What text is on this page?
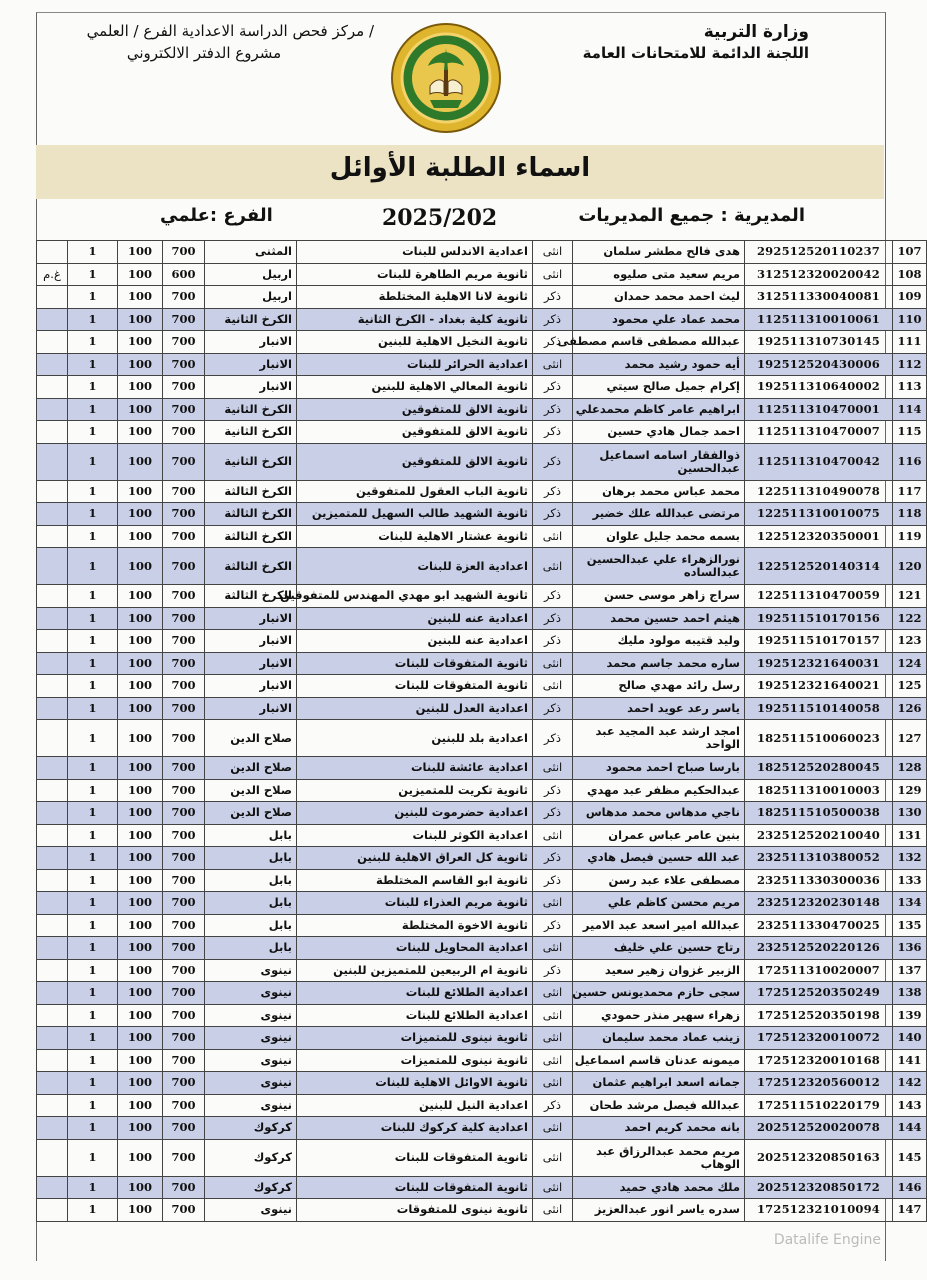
وزارة التربية
اللجنة الدائمة للامتحانات العامة
/ مركز فحص الدراسة الاعدادية الفرع / العلمي
مشروع الدفتر الالكتروني
اسماء الطلبة الأوائل
المديرية : جميع المديريات
2025/202
الفرع :علمي
107	292512520110237	هدى فالح مطشر سلمان	انثى	اعدادية الاندلس للبنات	المثنى	700	100	1	
108	312512320020042	مريم سعيد متى صليوه	انثى	ثانوية مريم الطاهرة للبنات	اربيل	600	100	1	غ.م
109	312511330040081	ليث احمد محمد حمدان	ذكر	ثانوية لانا الاهلية المختلطة	اربيل	700	100	1	
110	112511310010061	محمد عماد علي محمود	ذكر	ثانوية كلية بغداد - الكرخ الثانية	الكرخ الثانية	700	100	1	
111	192511310730145	عبدالله مصطفى قاسم مصطفى	ذكر	ثانوية النخيل الاهلية للبنين	الانبار	700	100	1	
112	192512520430006	أيه حمود رشيد محمد	انثى	اعدادية الحرائر للبنات	الانبار	700	100	1	
113	192511310640002	إكرام جميل صالح سيتي	ذكر	ثانوية المعالي الاهلية للبنين	الانبار	700	100	1	
114	112511310470001	ابراهيم عامر كاظم محمدعلي	ذكر	ثانوية الالق للمتفوقين	الكرخ الثانية	700	100	1	
115	112511310470007	احمد جمال هادي حسين	ذكر	ثانوية الالق للمتفوقين	الكرخ الثانية	700	100	1	
116	112511310470042	ذوالفقار اسامه اسماعيل عبدالحسين	ذكر	ثانوية الالق للمتفوقين	الكرخ الثانية	700	100	1	
117	122511310490078	محمد عباس محمد برهان	ذكر	ثانوية الباب العقول للمتفوقين	الكرخ الثالثة	700	100	1	
118	122511310010075	مرتضى عبدالله علك خضير	ذكر	ثانوية الشهيد طالب السهيل للمتميزين	الكرخ الثالثة	700	100	1	
119	122512320350001	بسمه محمد جليل علوان	انثى	ثانوية عشتار الاهلية للبنات	الكرخ الثالثة	700	100	1	
120	122512520140314	نورالزهراء علي عبدالحسين عبدالساده	انثى	اعدادية العزة للبنات	الكرخ الثالثة	700	100	1	
121	122511310470059	سراج زاهر موسى حسن	ذكر	ثانوية الشهيد ابو مهدي المهندس للمتفوقين	الكرخ الثالثة	700	100	1	
122	192511510170156	هيثم احمد حسين محمد	ذكر	اعدادية عنه للبنين	الانبار	700	100	1	
123	192511510170157	وليد قتيبه مولود مليك	ذكر	اعدادية عنه للبنين	الانبار	700	100	1	
124	192512321640031	ساره محمد جاسم محمد	انثى	ثانوية المتفوقات للبنات	الانبار	700	100	1	
125	192512321640021	رسل رائد مهدي صالح	انثى	ثانوية المتفوقات للبنات	الانبار	700	100	1	
126	192511510140058	ياسر رعد عويد احمد	ذكر	اعدادية العدل للبنين	الانبار	700	100	1	
127	182511510060023	امجد ارشد عبد المجيد عبد الواحد	ذكر	اعدادية بلد للبنين	صلاح الدين	700	100	1	
128	182512520280045	بارسا صباح احمد محمود	انثى	اعدادية عائشة للبنات	صلاح الدين	700	100	1	
129	182511310010003	عبدالحكيم مظفر عبد مهدي	ذكر	ثانوية تكريت للمتميزين	صلاح الدين	700	100	1	
130	182511510500038	ناجي مدهاس محمد مدهاس	ذكر	اعدادية حضرموت للبنين	صلاح الدين	700	100	1	
131	232512520210040	بنين عامر عباس عمران	انثى	اعدادية الكوثر للبنات	بابل	700	100	1	
132	232511310380052	عبد الله حسين فيصل هادي	ذكر	ثانوية كل العراق الاهلية للبنين	بابل	700	100	1	
133	232511330300036	مصطفى علاء عبد رسن	ذكر	ثانوية ابو القاسم المختلطة	بابل	700	100	1	
134	232512320230148	مريم محسن كاظم علي	انثى	ثانوية مريم العذراء للبنات	بابل	700	100	1	
135	232511330470025	عبدالله امير اسعد عبد الامير	ذكر	ثانوية الاخوة المختلطة	بابل	700	100	1	
136	232512520220126	رتاج حسين علي خليف	انثى	اعدادية المحاويل للبنات	بابل	700	100	1	
137	172511310020007	الزبير غزوان زهير سعيد	ذكر	ثانوية ام الربيعين للمتميزين للبنين	نينوى	700	100	1	
138	172512520350249	سجى حازم محمديونس حسين	انثى	اعدادية الطلائع للبنات	نينوى	700	100	1	
139	172512520350198	زهراء سهير منذر حمودي	انثى	اعدادية الطلائع للبنات	نينوى	700	100	1	
140	172512320010072	زينب عماد محمد سليمان	انثى	ثانوية نينوى للمتميزات	نينوى	700	100	1	
141	172512320010168	ميمونه عدنان قاسم اسماعيل	انثى	ثانوية نينوى للمتميزات	نينوى	700	100	1	
142	172512320560012	جمانه اسعد ابراهيم عثمان	انثى	ثانوية الاوائل الاهلية للبنات	نينوى	700	100	1	
143	172511510220179	عبدالله فيصل مرشد طحان	ذكر	اعدادية النيل للبنين	نينوى	700	100	1	
144	202512520020078	بانه محمد كريم احمد	انثى	اعدادية كلية كركوك للبنات	كركوك	700	100	1	
145	202512320850163	مريم محمد عبدالرزاق عبد الوهاب	انثى	ثانوية المتفوقات للبنات	كركوك	700	100	1	
146	202512320850172	ملك محمد هادي حميد	انثى	ثانوية المتفوقات للبنات	كركوك	700	100	1	
147	172512321010094	سدره ياسر انور عبدالعزيز	انثى	ثانوية نينوى للمتفوقات	نينوى	700	100	1	
Datalife Engine
